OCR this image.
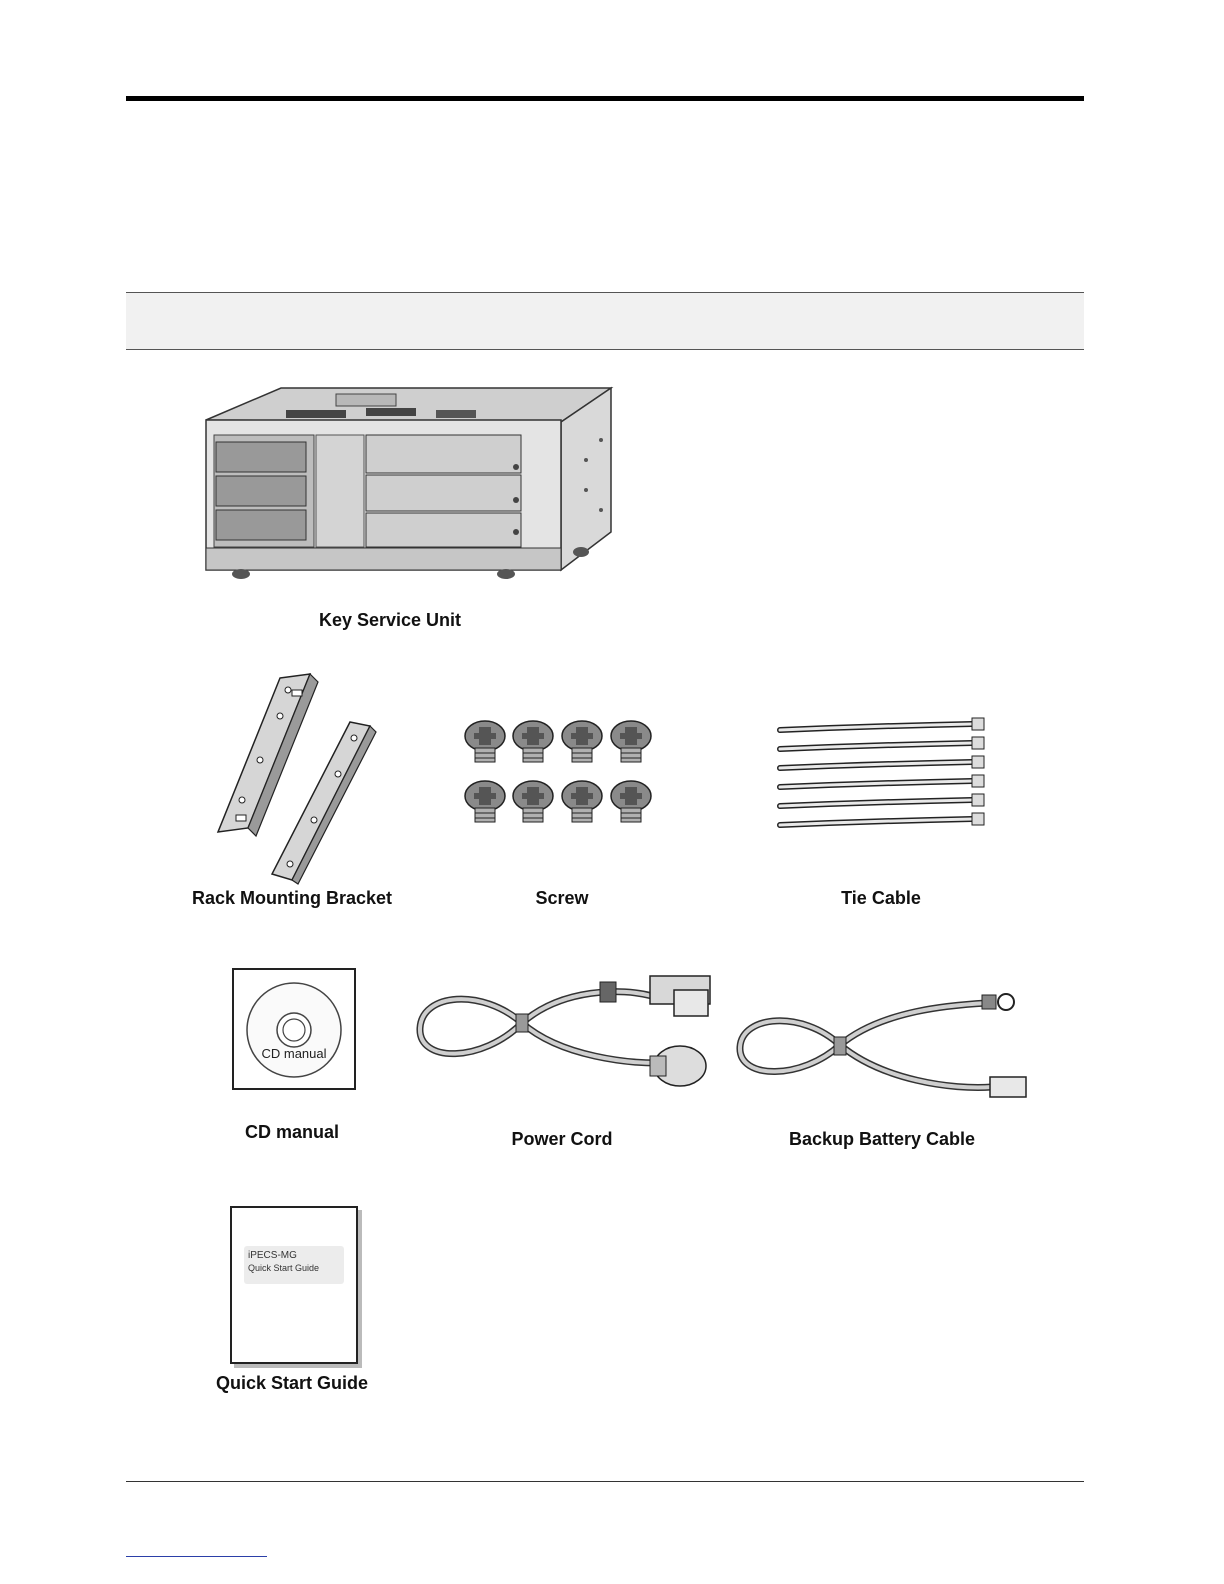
Key Service Unit
Rack Mounting Bracket	Screw	Tie Cable
CD manual
CD manual	Power Cord	Backup Battery Cable
iPECS-MG
Quick Start Guide
Quick Start Guide
